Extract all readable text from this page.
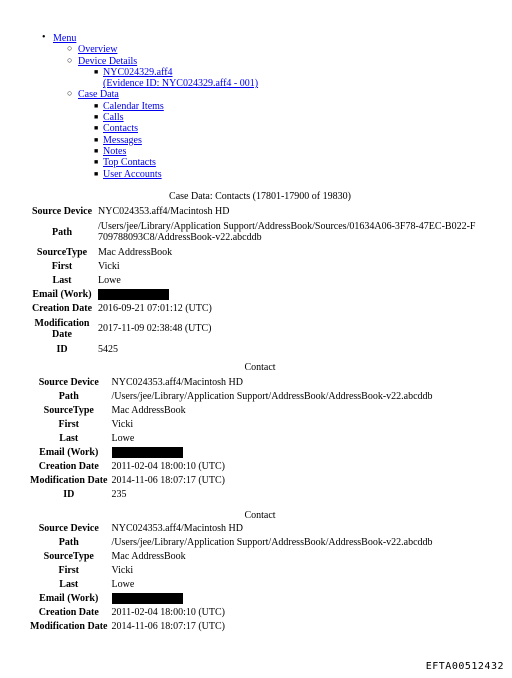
• Menu
○ Overview
○ Device Details
■ NYC024329.aff4
(Evidence ID: NYC024329.aff4 - 001)
○ Case Data
■ Calendar Items
■ Calls
■ Contacts
■ Messages
■ Notes
■ Top Contacts
■ User Accounts
Case Data: Contacts (17801-17900 of 19830)
Source Device	NYC024353.aff4/Macintosh HD
Path	/Users/jee/Library/Application Support/AddressBook/Sources/01634A06-3F78-47EC-B022-F709788093C8/AddressBook-v22.abcddb
SourceType	Mac AddressBook
First	Vicki
Last	Lowe
Email (Work)	
Creation Date	2016-09-21 07:01:12 (UTC)
Modification
Date	2017-11-09 02:38:48 (UTC)
ID	5425
Contact
Source Device	NYC024353.aff4/Macintosh HD
Path	/Users/jee/Library/Application Support/AddressBook/AddressBook-v22.abcddb
SourceType	Mac AddressBook
First	Vicki
Last	Lowe
Email (Work)	
Creation Date	2011-02-04 18:00:10 (UTC)
Modification Date	2014-11-06 18:07:17 (UTC)
ID	235
Contact
Source Device	NYC024353.aff4/Macintosh HD
Path	/Users/jee/Library/Application Support/AddressBook/AddressBook-v22.abcddb
SourceType	Mac AddressBook
First	Vicki
Last	Lowe
Email (Work)	
Creation Date	2011-02-04 18:00:10 (UTC)
Modification Date	2014-11-06 18:07:17 (UTC)
EFTA00512432
